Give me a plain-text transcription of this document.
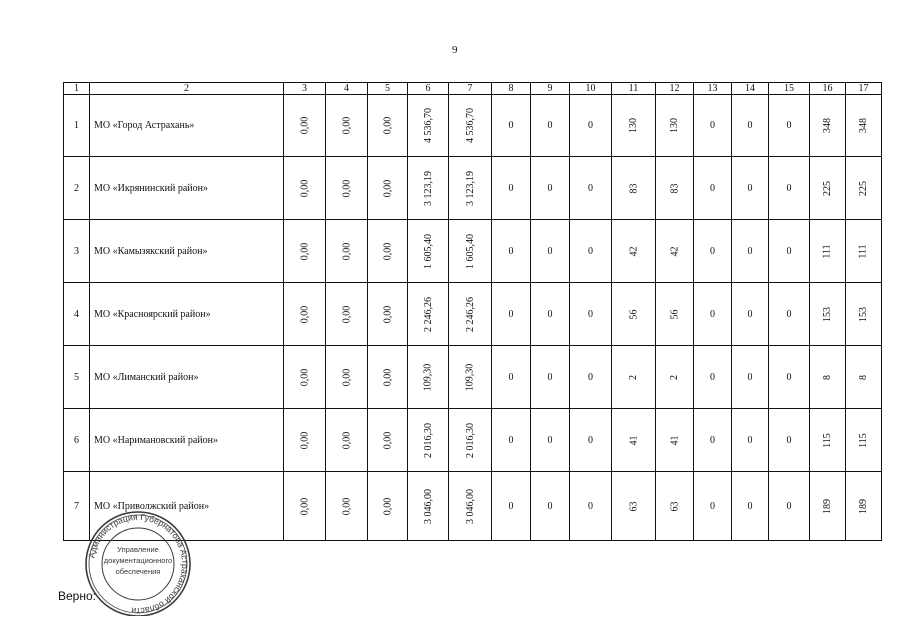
9
1	2	3	4	5	6	7	8	9	10	11	12	13	14	15	16	17
1	МО «Город Астрахань»	0,00	0,00	0,00	4 536,70	4 536,70	0	0	0	130	130	0	0	0	348	348
2	МО «Икрянинский район»	0,00	0,00	0,00	3 123,19	3 123,19	0	0	0	83	83	0	0	0	225	225
3	МО «Камызякский район»	0,00	0,00	0,00	1 605,40	1 605,40	0	0	0	42	42	0	0	0	111	111
4	МО «Красноярский район»	0,00	0,00	0,00	2 246,26	2 246,26	0	0	0	56	56	0	0	0	153	153
5	МО «Лиманский район»	0,00	0,00	0,00	109,30	109,30	0	0	0	2	2	0	0	0	8	8
6	МО «Наримановский район»	0,00	0,00	0,00	2 016,30	2 016,30	0	0	0	41	41	0	0	0	115	115
7	МО «Приволжский район»	0,00	0,00	0,00	3 046,00	3 046,00	0	0	0	63	63	0	0	0	189	189
Администрация Губернатора Астраханской области
Управление
документационного
обеспечения
Верно:
